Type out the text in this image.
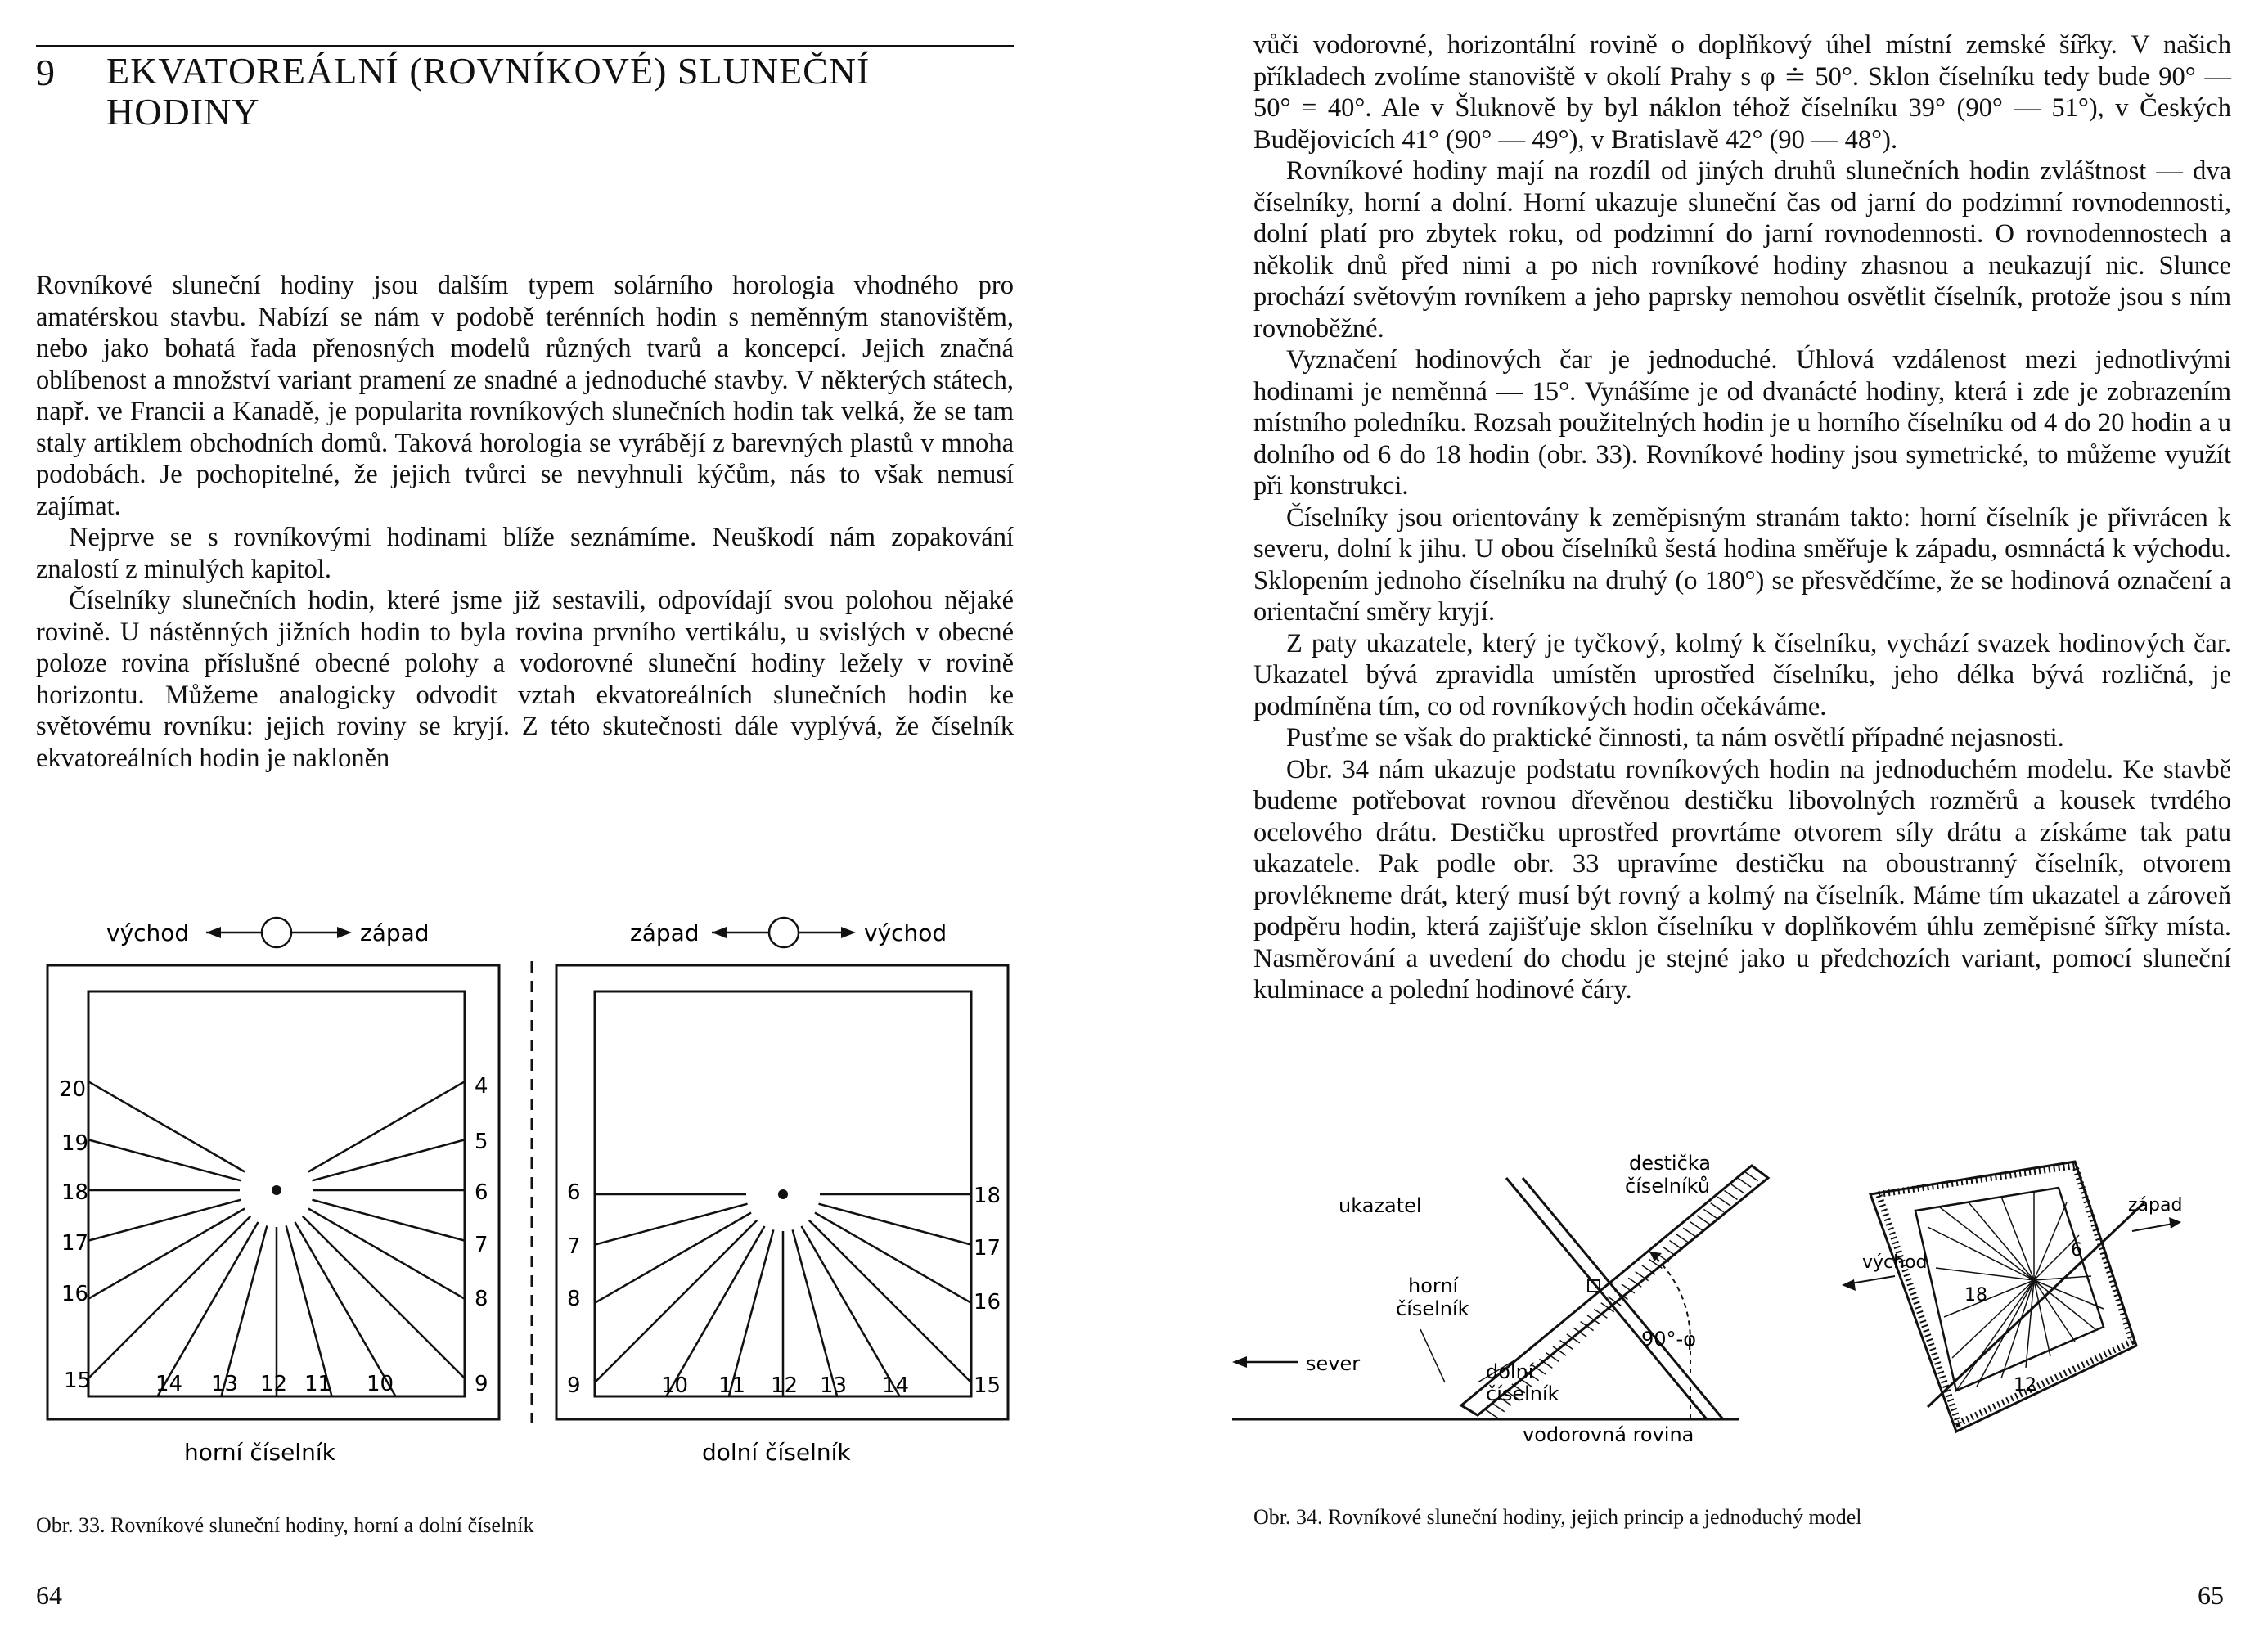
9 EKVATOREÁLNÍ (ROVNÍKOVÉ) SLUNEČNÍ
HODINY

Rovníkové sluneční hodiny jsou dalším typem solárního horologia vhodného pro amatérskou stavbu. Nabízí se nám v podobě terénních hodin s neměnným stanovištěm, nebo jako bohatá řada přenosných modelů různých tvarů a koncepcí. Jejich značná oblíbenost a množství variant pramení ze snadné a jednoduché stavby. V některých státech, např. ve Francii a Kanadě, je popularita rovníkových slunečních hodin tak velká, že se tam staly artiklem obchodních domů. Taková horologia se vyrábějí z barevných plastů v mnoha podobách. Je pochopitelné, že jejich tvůrci se nevyhnuli kýčům, nás to však nemusí zajímat.

Nejprve se s rovníkovými hodinami blíže seznámíme. Neuškodí nám zopakování znalostí z minulých kapitol.

Číselníky slunečních hodin, které jsme již sestavili, odpovídají svou polohou nějaké rovině. U nástěnných jižních hodin to byla rovina prvního vertikálu, u svislých v obecné poloze rovina příslušné obecné polohy a vodorovné sluneční hodiny ležely v rovině horizontu. Můžeme analogicky odvodit vztah ekvatoreálních slunečních hodin ke světovému rovníku: jejich roviny se kryjí. Z této skutečnosti dále vyplývá, že číselník ekvatoreálních hodin je nakloněn

východ	západ
20
19
18
17
16
4
5
6
7
8
15	14 13 12 11 10	9
horní číselník
západ	východ
6
7
8
18
17
16
9	10 11 12 13 14	15
dolní číselník
Obr. 33. Rovníkové sluneční hodiny, horní a dolní číselník
64

vůči vodorovné, horizontální rovině o doplňkový úhel místní zemské šířky. V našich příkladech zvolíme stanoviště v okolí Prahy s φ ≐ 50°. Sklon číselníku tedy bude 90° — 50° = 40°. Ale v Šluknově by byl náklon téhož číselníku 39° (90° — 51°), v Českých Budějovicích 41° (90° — 49°), v Bratislavě 42° (90 — 48°).

Rovníkové hodiny mají na rozdíl od jiných druhů slunečních hodin zvláštnost — dva číselníky, horní a dolní. Horní ukazuje sluneční čas od jarní do podzimní rovnodennosti, dolní platí pro zbytek roku, od podzimní do jarní rovnodennosti. O rovnodennostech a několik dnů před nimi a po nich rovníkové hodiny zhasnou a neukazují nic. Slunce prochází světovým rovníkem a jeho paprsky nemohou osvětlit číselník, protože jsou s ním rovnoběžné.

Vyznačení hodinových čar je jednoduché. Úhlová vzdálenost mezi jednotlivými hodinami je neměnná — 15°. Vynášíme je od dvanácté hodiny, která i zde je zobrazením místního poledníku. Rozsah použitelných hodin je u horního číselníku od 4 do 20 hodin a u dolního od 6 do 18 hodin (obr. 33). Rovníkové hodiny jsou symetrické, to můžeme využít při konstrukci.

Číselníky jsou orientovány k zeměpisným stranám takto: horní číselník je přivrácen k severu, dolní k jihu. U obou číselníků šestá hodina směřuje k západu, osmnáctá k východu. Sklopením jednoho číselníku na druhý (o 180°) se přesvědčíme, že se hodinová označení a orientační směry kryjí.

Z paty ukazatele, který je tyčkový, kolmý k číselníku, vychází svazek hodinových čar. Ukazatel bývá zpravidla umístěn uprostřed číselníku, jeho délka bývá rozličná, je podmíněna tím, co od rovníkových hodin očekáváme.

Pusťme se však do praktické činnosti, ta nám osvětlí případné nejasnosti.

Obr. 34 nám ukazuje podstatu rovníkových hodin na jednoduchém modelu. Ke stavbě budeme potřebovat rovnou dřevěnou destičku libovolných rozměrů a kousek tvrdého ocelového drátu. Destičku uprostřed provrtáme otvorem síly drátu a získáme tak patu ukazatele. Pak podle obr. 33 upravíme destičku na oboustranný číselník, otvorem provlékneme drát, který musí být rovný a kolmý na číselník. Máme tím ukazatel a zároveň podpěru hodin, která zajišťuje sklon číselníku v doplňkovém úhlu zeměpisné šířky místa. Nasměrování a uvedení do chodu je stejné jako u předchozích variant, pomocí sluneční kulminace a polední hodinové čáry.

destička
číselníků
ukazatel
horní
číselník
sever	dolní
číselník
90°-φ
vodorovná rovina
6
18
12
západ
východ
Obr. 34. Rovníkové sluneční hodiny, jejich princip a jednoduchý model
65
